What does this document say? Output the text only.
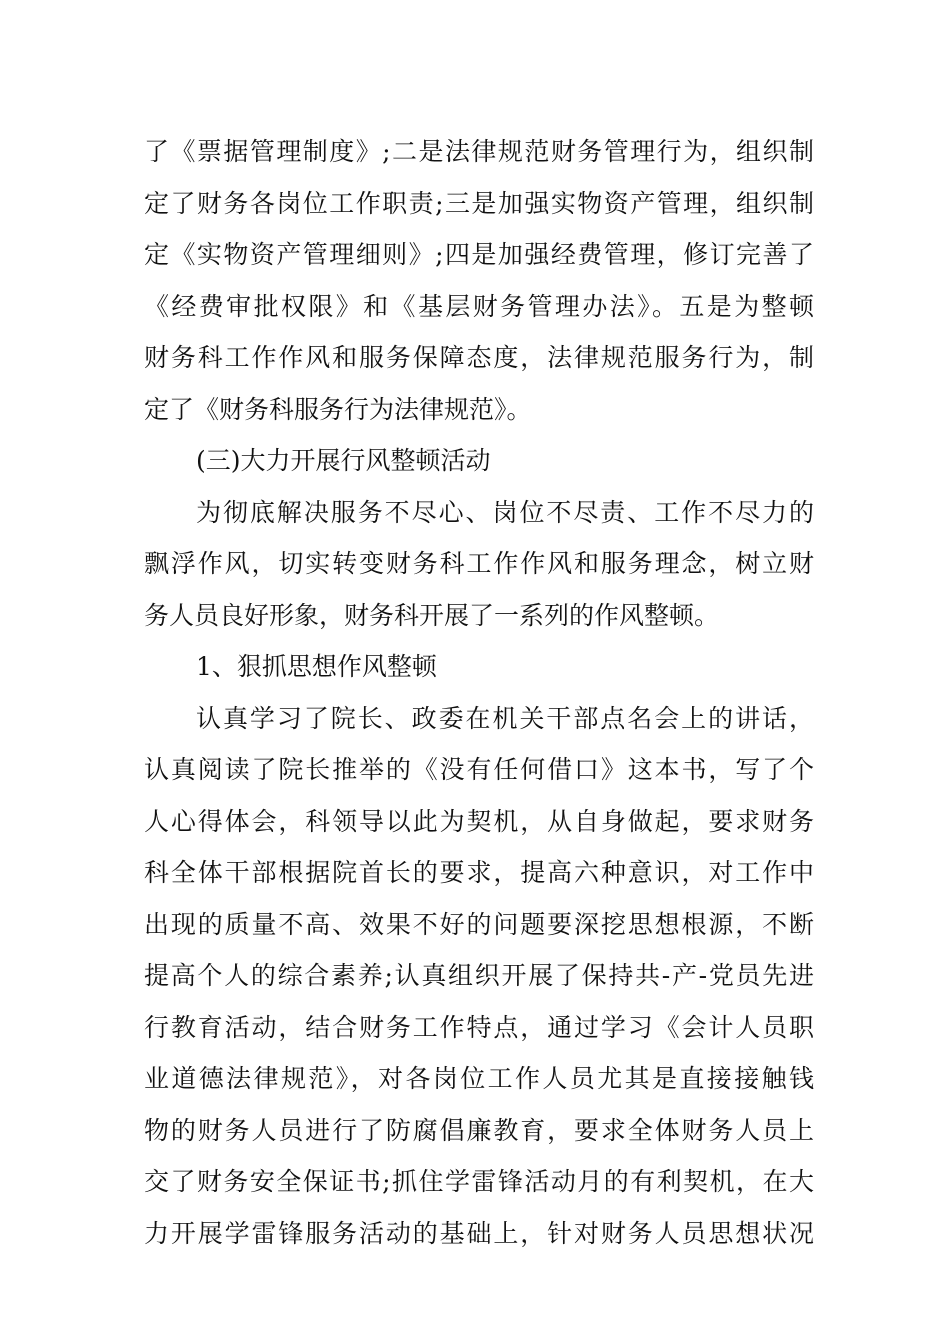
了《票据管理制度》;二是法律规范财务管理行为，组织制
定了财务各岗位工作职责;三是加强实物资产管理，组织制
定《实物资产管理细则》;四是加强经费管理，修订完善了
《经费审批权限》和《基层财务管理办法》。五是为整顿
财务科工作作风和服务保障态度，法律规范服务行为，制
定了《财务科服务行为法律规范》。
(三)大力开展行风整顿活动
为彻底解决服务不尽心、岗位不尽责、工作不尽力的
飘浮作风，切实转变财务科工作作风和服务理念，树立财
务人员良好形象，财务科开展了一系列的作风整顿。
1、狠抓思想作风整顿
认真学习了院长、政委在机关干部点名会上的讲话，
认真阅读了院长推举的《没有任何借口》这本书，写了个
人心得体会，科领导以此为契机，从自身做起，要求财务
科全体干部根据院首长的要求，提高六种意识，对工作中
出现的质量不高、效果不好的问题要深挖思想根源，不断
提高个人的综合素养;认真组织开展了保持共-产-党员先进
行教育活动，结合财务工作特点，通过学习《会计人员职
业道德法律规范》，对各岗位工作人员尤其是直接接触钱
物的财务人员进行了防腐倡廉教育，要求全体财务人员上
交了财务安全保证书;抓住学雷锋活动月的有利契机，在大
力开展学雷锋服务活动的基础上，针对财务人员思想状况
